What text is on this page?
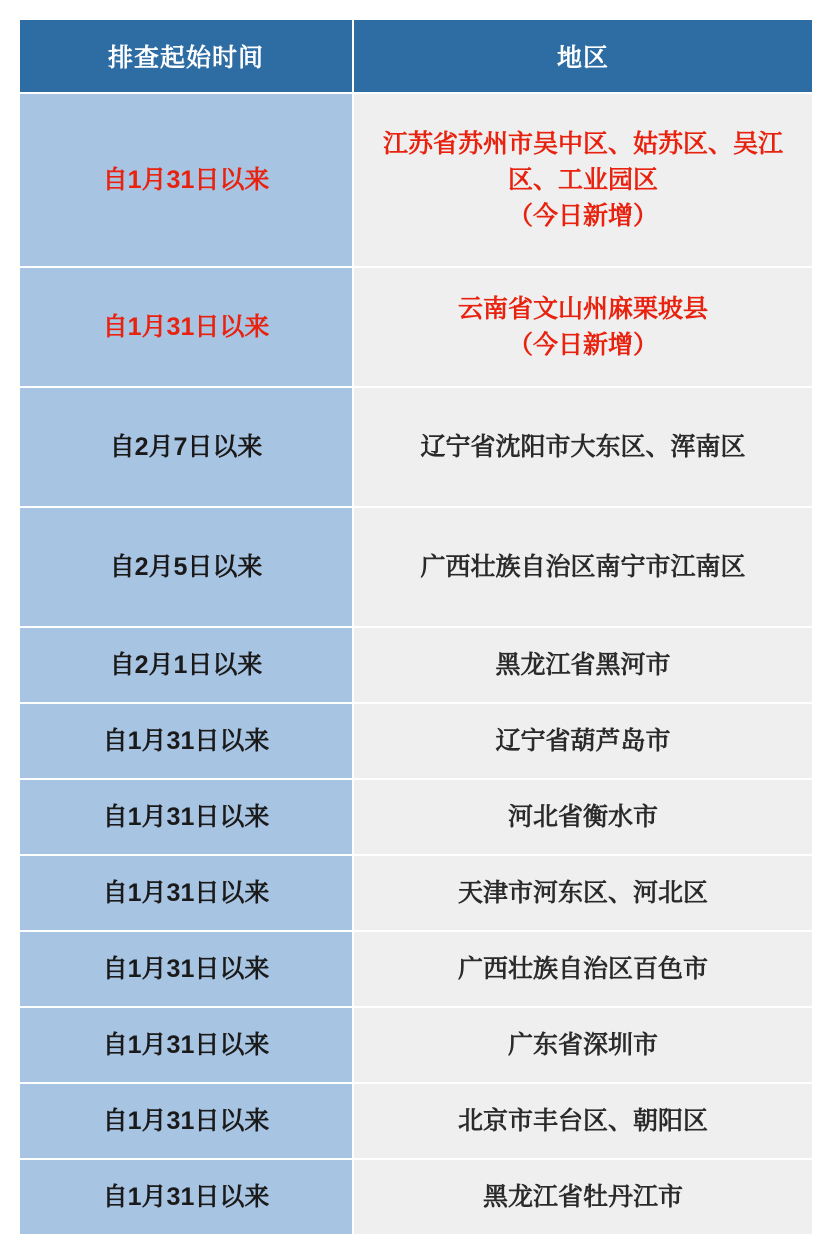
排查起始时间	地区
自1月31日以来	江苏省苏州市吴中区、姑苏区、吴江区、工业园区
（今日新增）

自1月31日以来	云南省文山州麻栗坡县
（今日新增）

自2月7日以来	辽宁省沈阳市大东区、浑南区

自2月5日以来	广西壮族自治区南宁市江南区

自2月1日以来	黑龙江省黑河市

自1月31日以来	辽宁省葫芦岛市

自1月31日以来	河北省衡水市

自1月31日以来	天津市河东区、河北区

自1月31日以来	广西壮族自治区百色市

自1月31日以来	广东省深圳市

自1月31日以来	北京市丰台区、朝阳区

自1月31日以来	黑龙江省牡丹江市
